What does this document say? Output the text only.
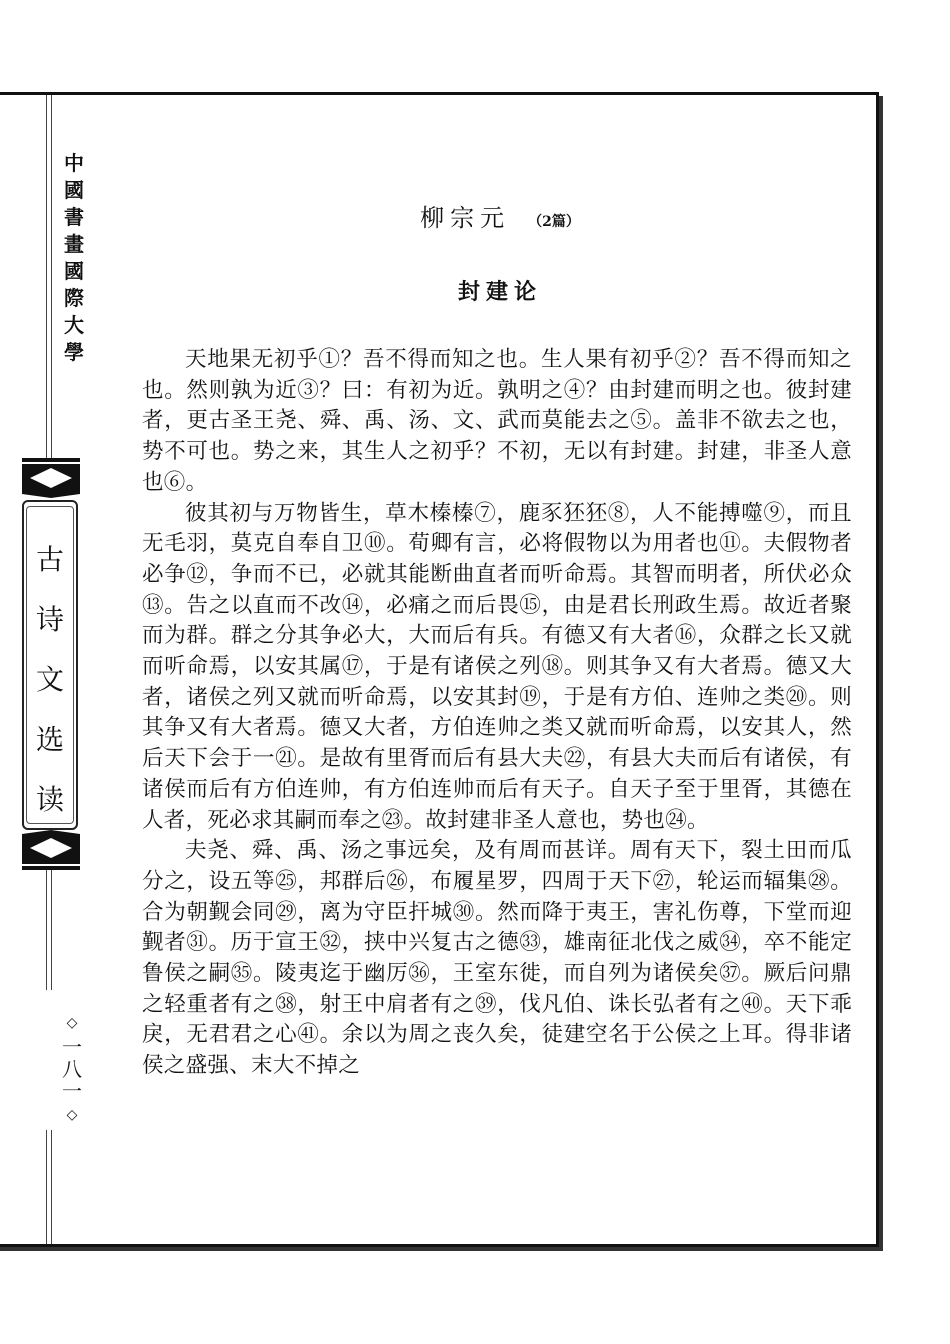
中
國
書
畫
國
際
大
學
古
诗
文
选
读
◇
一
八
一
◇
柳宗元 （2篇）
封建论

天地果无初乎①？吾不得而知之也。生人果有初乎②？吾不得而知之也。然则孰为近③？曰：有初为近。孰明之④？由封建而明之也。彼封建者，更古圣王尧、舜、禹、汤、文、武而莫能去之⑤。盖非不欲去之也，势不可也。势之来，其生人之初乎？不初，无以有封建。封建，非圣人意也⑥。

彼其初与万物皆生，草木榛榛⑦，鹿豕狉狉⑧，人不能搏噬⑨，而且无毛羽，莫克自奉自卫⑩。荀卿有言，必将假物以为用者也⑪。夫假物者必争⑫，争而不已，必就其能断曲直者而听命焉。其智而明者，所伏必众⑬。告之以直而不改⑭，必痛之而后畏⑮，由是君长刑政生焉。故近者聚而为群。群之分其争必大，大而后有兵。有德又有大者⑯，众群之长又就而听命焉，以安其属⑰，于是有诸侯之列⑱。则其争又有大者焉。德又大者，诸侯之列又就而听命焉，以安其封⑲，于是有方伯、连帅之类⑳。则其争又有大者焉。德又大者，方伯连帅之类又就而听命焉，以安其人，然后天下会于一㉑。是故有里胥而后有县大夫㉒，有县大夫而后有诸侯，有诸侯而后有方伯连帅，有方伯连帅而后有天子。自天子至于里胥，其德在人者，死必求其嗣而奉之㉓。故封建非圣人意也，势也㉔。

夫尧、舜、禹、汤之事远矣，及有周而甚详。周有天下，裂土田而瓜分之，设五等㉕，邦群后㉖，布履星罗，四周于天下㉗，轮运而辐集㉘。合为朝觐会同㉙，离为守臣扞城㉚。然而降于夷王，害礼伤尊，下堂而迎觐者㉛。历于宣王㉜，挟中兴复古之德㉝，雄南征北伐之威㉞，卒不能定鲁侯之嗣㉟。陵夷迄于幽厉㊱，王室东徙，而自列为诸侯矣㊲。厥后问鼎之轻重者有之㊳，射王中肩者有之㊴，伐凡伯、诛长弘者有之㊵。天下乖戾，无君君之心㊶。余以为周之丧久矣，徒建空名于公侯之上耳。得非诸侯之盛强、末大不掉之
